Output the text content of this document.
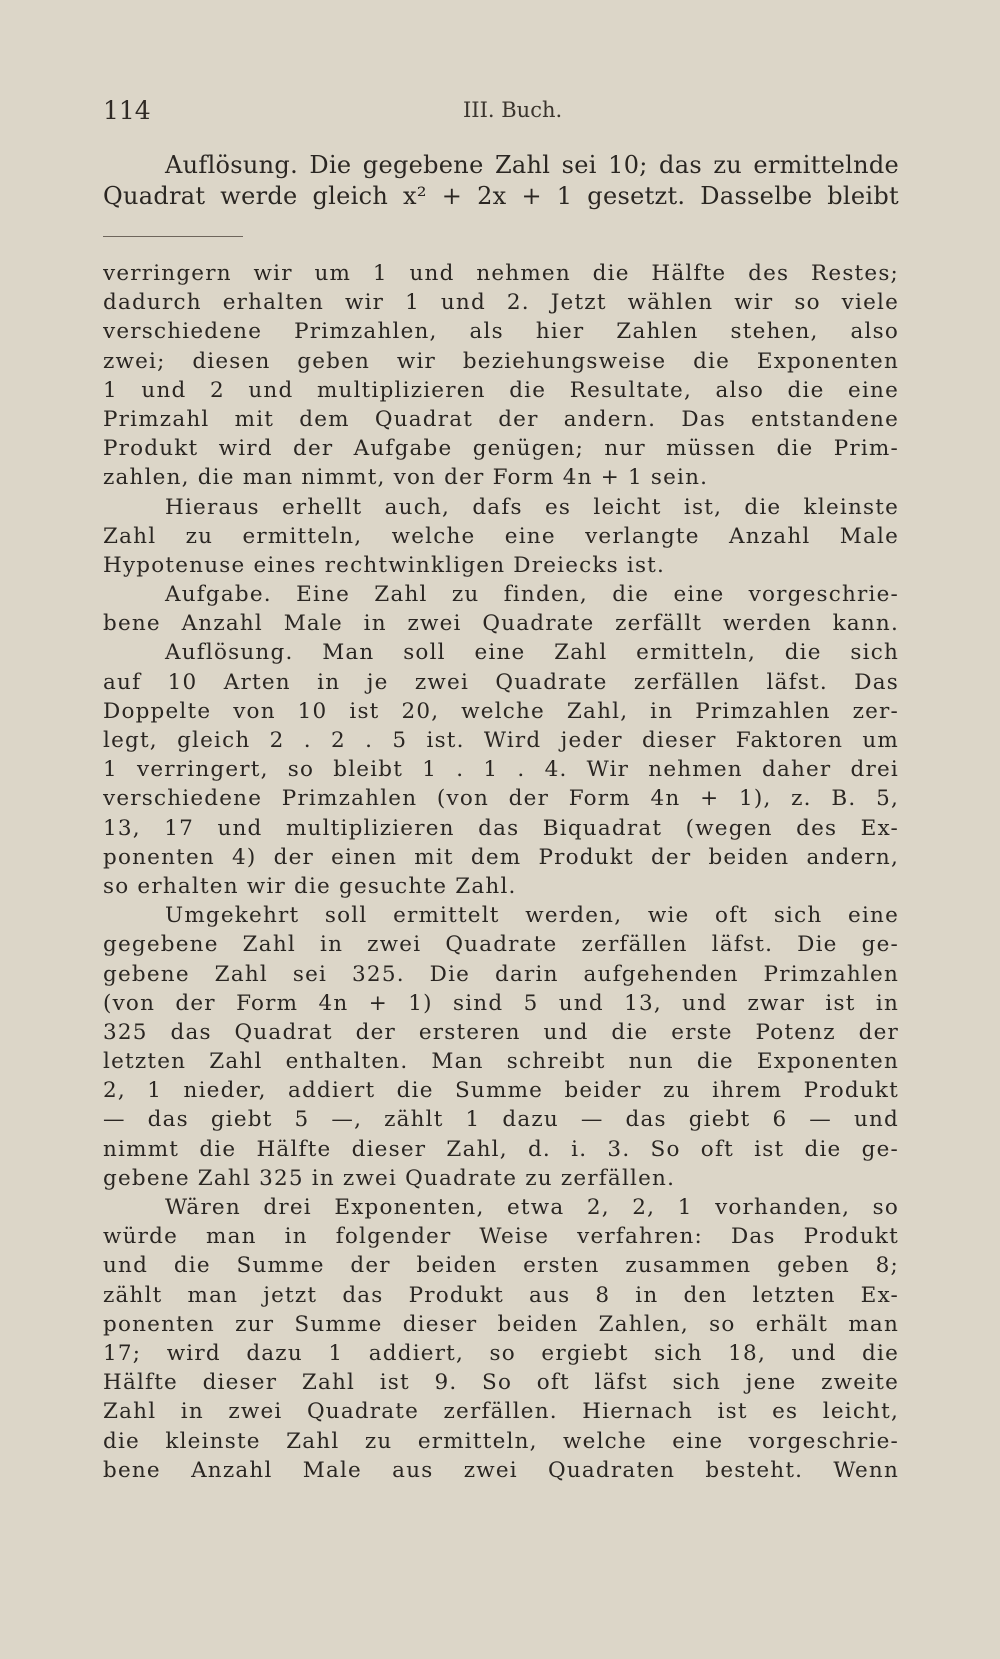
114	III. Buch.
Auflösung. Die gegebene Zahl sei 10; das zu ermittelnde
Quadrat werde gleich x² + 2x + 1 gesetzt. Dasselbe bleibt
verringern wir um 1 und nehmen die Hälfte des Restes;
dadurch erhalten wir 1 und 2. Jetzt wählen wir so viele
verschiedene Primzahlen, als hier Zahlen stehen, also
zwei; diesen geben wir beziehungsweise die Exponenten
1 und 2 und multiplizieren die Resultate, also die eine
Primzahl mit dem Quadrat der andern. Das entstandene
Produkt wird der Aufgabe genügen; nur müssen die Prim-
zahlen, die man nimmt, von der Form 4n + 1 sein.
Hieraus erhellt auch, dafs es leicht ist, die kleinste
Zahl zu ermitteln, welche eine verlangte Anzahl Male
Hypotenuse eines rechtwinkligen Dreiecks ist.
Aufgabe. Eine Zahl zu finden, die eine vorgeschrie-
bene Anzahl Male in zwei Quadrate zerfällt werden kann.
Auflösung. Man soll eine Zahl ermitteln, die sich
auf 10 Arten in je zwei Quadrate zerfällen läfst. Das
Doppelte von 10 ist 20, welche Zahl, in Primzahlen zer-
legt, gleich 2 . 2 . 5 ist. Wird jeder dieser Faktoren um
1 verringert, so bleibt 1 . 1 . 4. Wir nehmen daher drei
verschiedene Primzahlen (von der Form 4n + 1), z. B. 5,
13, 17 und multiplizieren das Biquadrat (wegen des Ex-
ponenten 4) der einen mit dem Produkt der beiden andern,
so erhalten wir die gesuchte Zahl.
Umgekehrt soll ermittelt werden, wie oft sich eine
gegebene Zahl in zwei Quadrate zerfällen läfst. Die ge-
gebene Zahl sei 325. Die darin aufgehenden Primzahlen
(von der Form 4n + 1) sind 5 und 13, und zwar ist in
325 das Quadrat der ersteren und die erste Potenz der
letzten Zahl enthalten. Man schreibt nun die Exponenten
2, 1 nieder, addiert die Summe beider zu ihrem Produkt
— das giebt 5 —, zählt 1 dazu — das giebt 6 — und
nimmt die Hälfte dieser Zahl, d. i. 3. So oft ist die ge-
gebene Zahl 325 in zwei Quadrate zu zerfällen.
Wären drei Exponenten, etwa 2, 2, 1 vorhanden, so
würde man in folgender Weise verfahren: Das Produkt
und die Summe der beiden ersten zusammen geben 8;
zählt man jetzt das Produkt aus 8 in den letzten Ex-
ponenten zur Summe dieser beiden Zahlen, so erhält man
17; wird dazu 1 addiert, so ergiebt sich 18, und die
Hälfte dieser Zahl ist 9. So oft läfst sich jene zweite
Zahl in zwei Quadrate zerfällen. Hiernach ist es leicht,
die kleinste Zahl zu ermitteln, welche eine vorgeschrie-
bene Anzahl Male aus zwei Quadraten besteht. Wenn
